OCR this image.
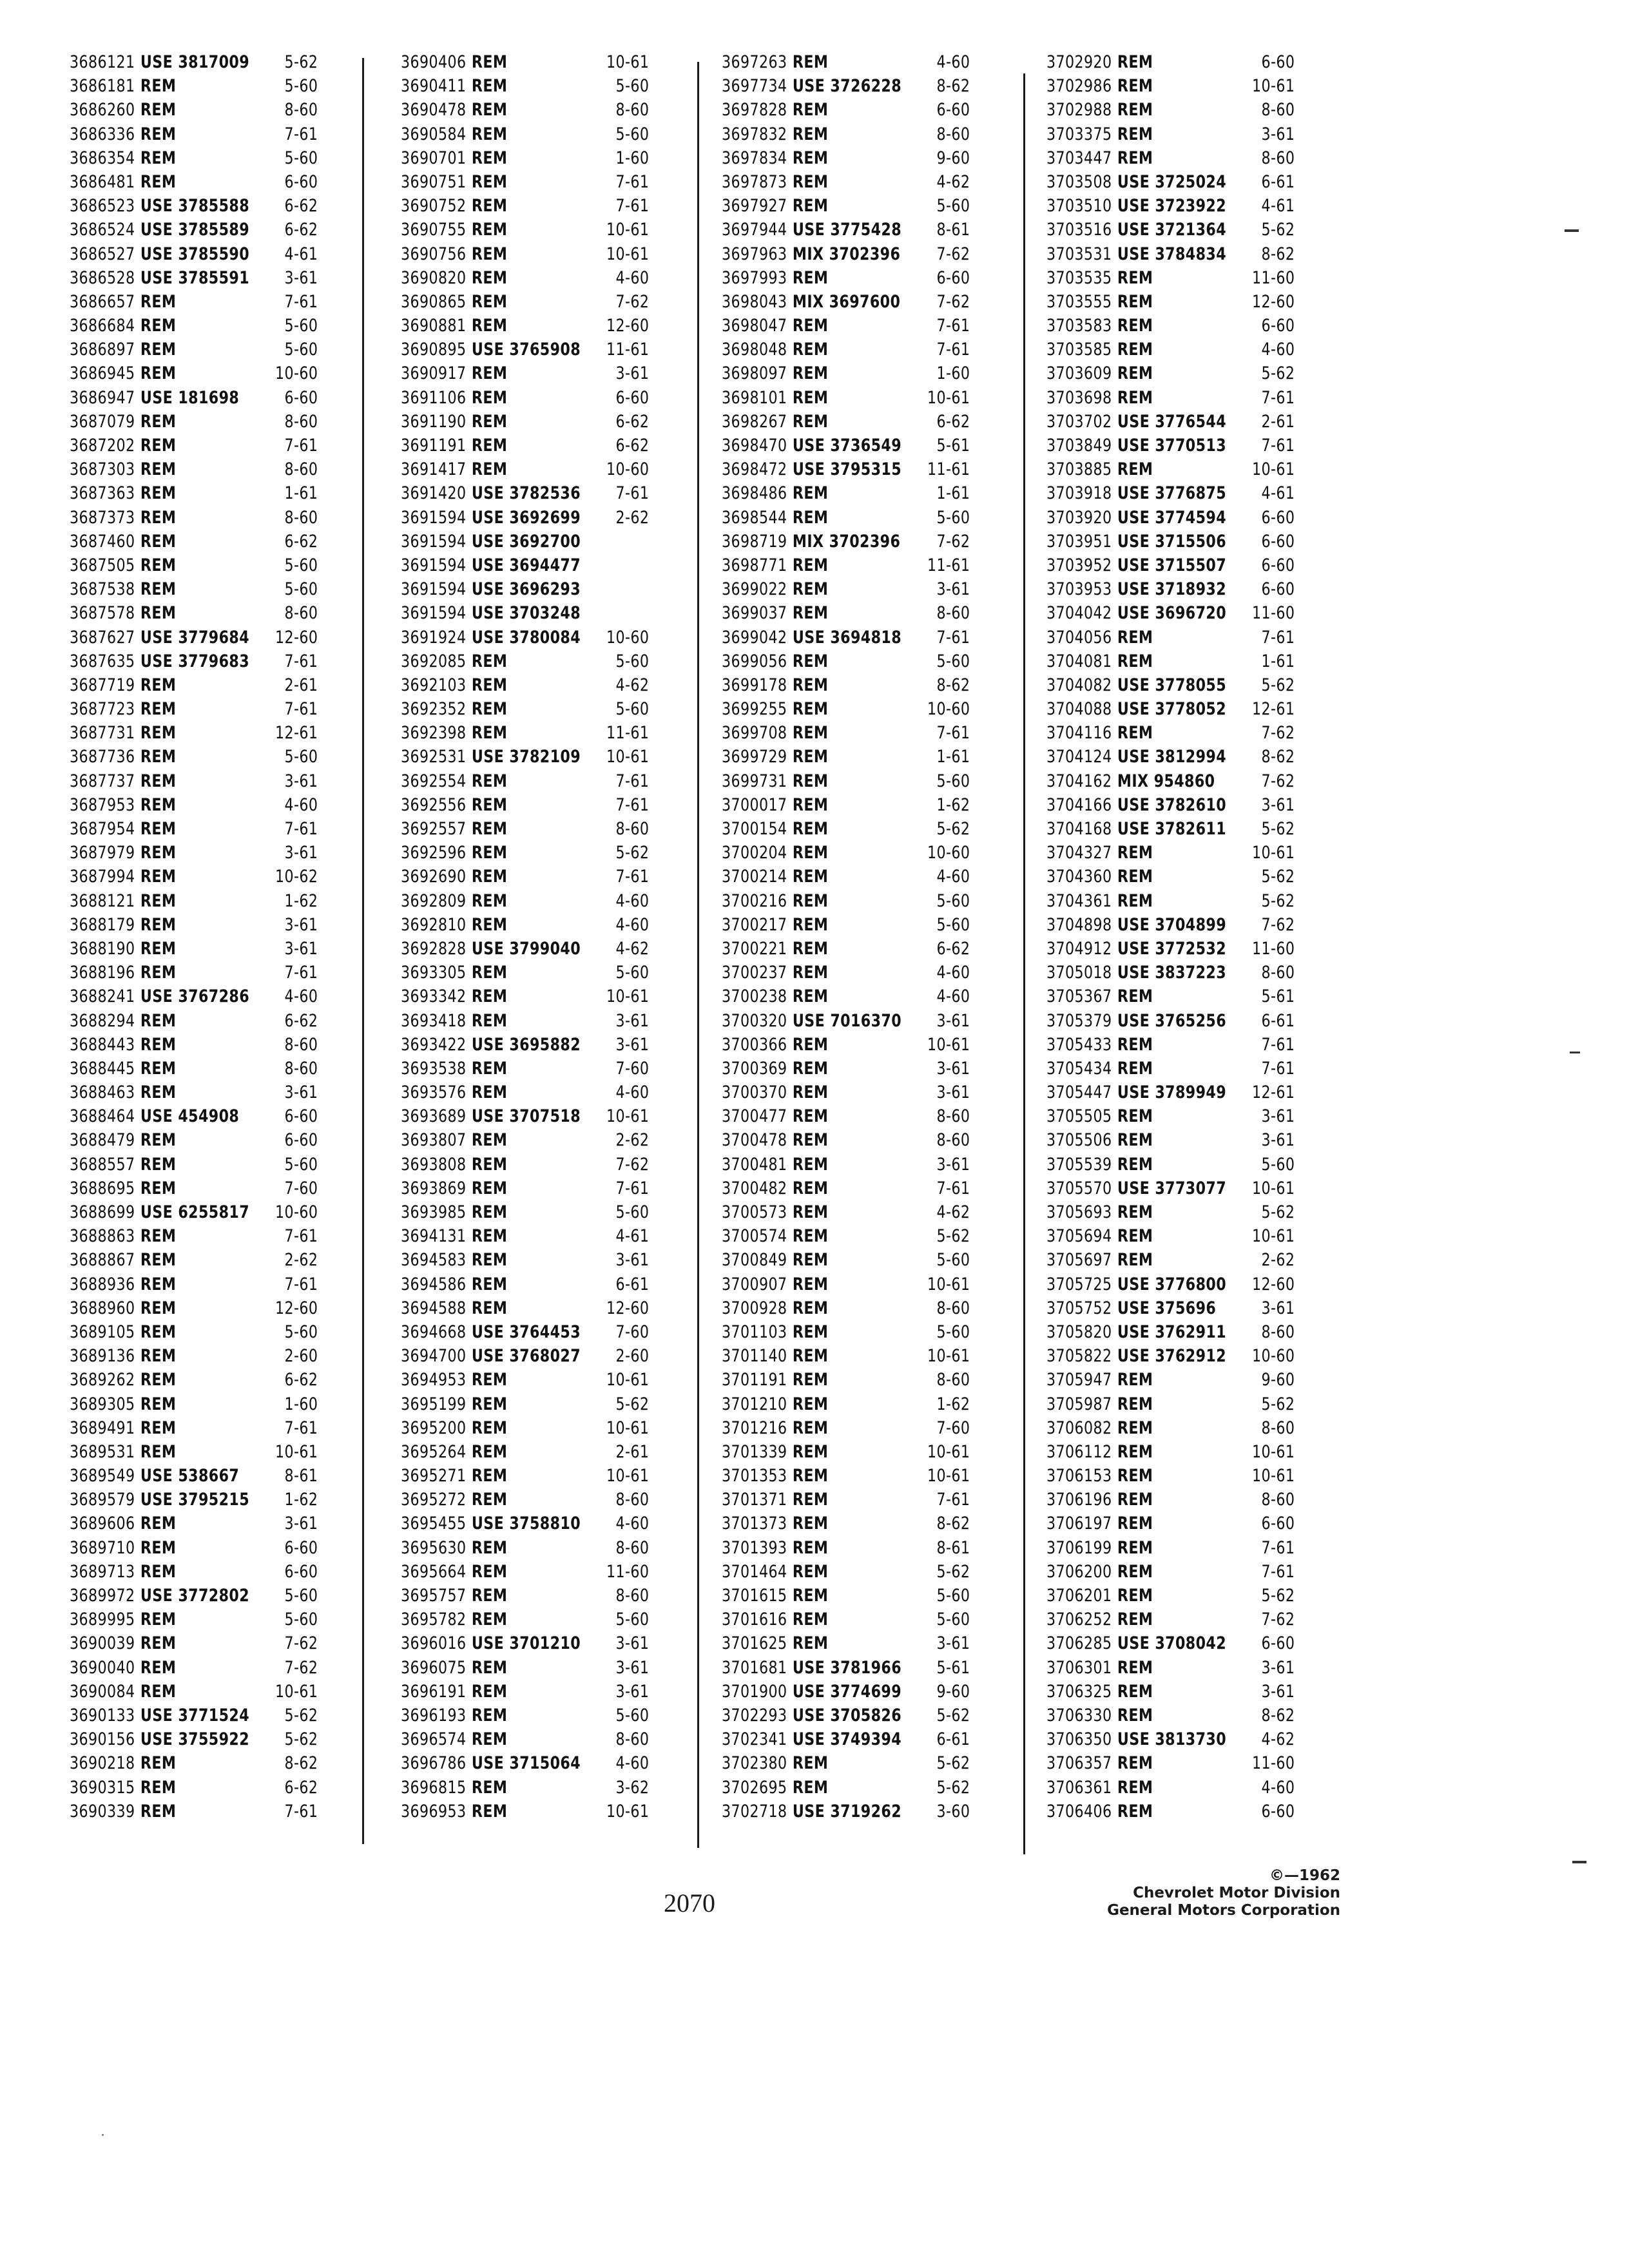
3686121 USE 3817009	5-62
3686181 REM	5-60
3686260 REM	8-60
3686336 REM	7-61
3686354 REM	5-60
3686481 REM	6-60
3686523 USE 3785588	6-62
3686524 USE 3785589	6-62
3686527 USE 3785590	4-61
3686528 USE 3785591	3-61
3686657 REM	7-61
3686684 REM	5-60
3686897 REM	5-60
3686945 REM	10-60
3686947 USE 181698	6-60
3687079 REM	8-60
3687202 REM	7-61
3687303 REM	8-60
3687363 REM	1-61
3687373 REM	8-60
3687460 REM	6-62
3687505 REM	5-60
3687538 REM	5-60
3687578 REM	8-60
3687627 USE 3779684	12-60
3687635 USE 3779683	7-61
3687719 REM	2-61
3687723 REM	7-61
3687731 REM	12-61
3687736 REM	5-60
3687737 REM	3-61
3687953 REM	4-60
3687954 REM	7-61
3687979 REM	3-61
3687994 REM	10-62
3688121 REM	1-62
3688179 REM	3-61
3688190 REM	3-61
3688196 REM	7-61
3688241 USE 3767286	4-60
3688294 REM	6-62
3688443 REM	8-60
3688445 REM	8-60
3688463 REM	3-61
3688464 USE 454908	6-60
3688479 REM	6-60
3688557 REM	5-60
3688695 REM	7-60
3688699 USE 6255817	10-60
3688863 REM	7-61
3688867 REM	2-62
3688936 REM	7-61
3688960 REM	12-60
3689105 REM	5-60
3689136 REM	2-60
3689262 REM	6-62
3689305 REM	1-60
3689491 REM	7-61
3689531 REM	10-61
3689549 USE 538667	8-61
3689579 USE 3795215	1-62
3689606 REM	3-61
3689710 REM	6-60
3689713 REM	6-60
3689972 USE 3772802	5-60
3689995 REM	5-60
3690039 REM	7-62
3690040 REM	7-62
3690084 REM	10-61
3690133 USE 3771524	5-62
3690156 USE 3755922	5-62
3690218 REM	8-62
3690315 REM	6-62
3690339 REM	7-61
3690406 REM	10-61
3690411 REM	5-60
3690478 REM	8-60
3690584 REM	5-60
3690701 REM	1-60
3690751 REM	7-61
3690752 REM	7-61
3690755 REM	10-61
3690756 REM	10-61
3690820 REM	4-60
3690865 REM	7-62
3690881 REM	12-60
3690895 USE 3765908	11-61
3690917 REM	3-61
3691106 REM	6-60
3691190 REM	6-62
3691191 REM	6-62
3691417 REM	10-60
3691420 USE 3782536	7-61
3691594 USE 3692699	2-62
3691594 USE 3692700
3691594 USE 3694477
3691594 USE 3696293
3691594 USE 3703248
3691924 USE 3780084	10-60
3692085 REM	5-60
3692103 REM	4-62
3692352 REM	5-60
3692398 REM	11-61
3692531 USE 3782109	10-61
3692554 REM	7-61
3692556 REM	7-61
3692557 REM	8-60
3692596 REM	5-62
3692690 REM	7-61
3692809 REM	4-60
3692810 REM	4-60
3692828 USE 3799040	4-62
3693305 REM	5-60
3693342 REM	10-61
3693418 REM	3-61
3693422 USE 3695882	3-61
3693538 REM	7-60
3693576 REM	4-60
3693689 USE 3707518	10-61
3693807 REM	2-62
3693808 REM	7-62
3693869 REM	7-61
3693985 REM	5-60
3694131 REM	4-61
3694583 REM	3-61
3694586 REM	6-61
3694588 REM	12-60
3694668 USE 3764453	7-60
3694700 USE 3768027	2-60
3694953 REM	10-61
3695199 REM	5-62
3695200 REM	10-61
3695264 REM	2-61
3695271 REM	10-61
3695272 REM	8-60
3695455 USE 3758810	4-60
3695630 REM	8-60
3695664 REM	11-60
3695757 REM	8-60
3695782 REM	5-60
3696016 USE 3701210	3-61
3696075 REM	3-61
3696191 REM	3-61
3696193 REM	5-60
3696574 REM	8-60
3696786 USE 3715064	4-60
3696815 REM	3-62
3696953 REM	10-61
3697263 REM	4-60
3697734 USE 3726228	8-62
3697828 REM	6-60
3697832 REM	8-60
3697834 REM	9-60
3697873 REM	4-62
3697927 REM	5-60
3697944 USE 3775428	8-61
3697963 MIX 3702396	7-62
3697993 REM	6-60
3698043 MIX 3697600	7-62
3698047 REM	7-61
3698048 REM	7-61
3698097 REM	1-60
3698101 REM	10-61
3698267 REM	6-62
3698470 USE 3736549	5-61
3698472 USE 3795315	11-61
3698486 REM	1-61
3698544 REM	5-60
3698719 MIX 3702396	7-62
3698771 REM	11-61
3699022 REM	3-61
3699037 REM	8-60
3699042 USE 3694818	7-61
3699056 REM	5-60
3699178 REM	8-62
3699255 REM	10-60
3699708 REM	7-61
3699729 REM	1-61
3699731 REM	5-60
3700017 REM	1-62
3700154 REM	5-62
3700204 REM	10-60
3700214 REM	4-60
3700216 REM	5-60
3700217 REM	5-60
3700221 REM	6-62
3700237 REM	4-60
3700238 REM	4-60
3700320 USE 7016370	3-61
3700366 REM	10-61
3700369 REM	3-61
3700370 REM	3-61
3700477 REM	8-60
3700478 REM	8-60
3700481 REM	3-61
3700482 REM	7-61
3700573 REM	4-62
3700574 REM	5-62
3700849 REM	5-60
3700907 REM	10-61
3700928 REM	8-60
3701103 REM	5-60
3701140 REM	10-61
3701191 REM	8-60
3701210 REM	1-62
3701216 REM	7-60
3701339 REM	10-61
3701353 REM	10-61
3701371 REM	7-61
3701373 REM	8-62
3701393 REM	8-61
3701464 REM	5-62
3701615 REM	5-60
3701616 REM	5-60
3701625 REM	3-61
3701681 USE 3781966	5-61
3701900 USE 3774699	9-60
3702293 USE 3705826	5-62
3702341 USE 3749394	6-61
3702380 REM	5-62
3702695 REM	5-62
3702718 USE 3719262	3-60
3702920 REM	6-60
3702986 REM	10-61
3702988 REM	8-60
3703375 REM	3-61
3703447 REM	8-60
3703508 USE 3725024	6-61
3703510 USE 3723922	4-61
3703516 USE 3721364	5-62
3703531 USE 3784834	8-62
3703535 REM	11-60
3703555 REM	12-60
3703583 REM	6-60
3703585 REM	4-60
3703609 REM	5-62
3703698 REM	7-61
3703702 USE 3776544	2-61
3703849 USE 3770513	7-61
3703885 REM	10-61
3703918 USE 3776875	4-61
3703920 USE 3774594	6-60
3703951 USE 3715506	6-60
3703952 USE 3715507	6-60
3703953 USE 3718932	6-60
3704042 USE 3696720	11-60
3704056 REM	7-61
3704081 REM	1-61
3704082 USE 3778055	5-62
3704088 USE 3778052	12-61
3704116 REM	7-62
3704124 USE 3812994	8-62
3704162 MIX 954860	7-62
3704166 USE 3782610	3-61
3704168 USE 3782611	5-62
3704327 REM	10-61
3704360 REM	5-62
3704361 REM	5-62
3704898 USE 3704899	7-62
3704912 USE 3772532	11-60
3705018 USE 3837223	8-60
3705367 REM	5-61
3705379 USE 3765256	6-61
3705433 REM	7-61
3705434 REM	7-61
3705447 USE 3789949	12-61
3705505 REM	3-61
3705506 REM	3-61
3705539 REM	5-60
3705570 USE 3773077	10-61
3705693 REM	5-62
3705694 REM	10-61
3705697 REM	2-62
3705725 USE 3776800	12-60
3705752 USE 375696	3-61
3705820 USE 3762911	8-60
3705822 USE 3762912	10-60
3705947 REM	9-60
3705987 REM	5-62
3706082 REM	8-60
3706112 REM	10-61
3706153 REM	10-61
3706196 REM	8-60
3706197 REM	6-60
3706199 REM	7-61
3706200 REM	7-61
3706201 REM	5-62
3706252 REM	7-62
3706285 USE 3708042	6-60
3706301 REM	3-61
3706325 REM	3-61
3706330 REM	8-62
3706350 USE 3813730	4-62
3706357 REM	11-60
3706361 REM	4-60
3706406 REM	6-60
2070
©—1962
Chevrolet Motor Division
General Motors Corporation
